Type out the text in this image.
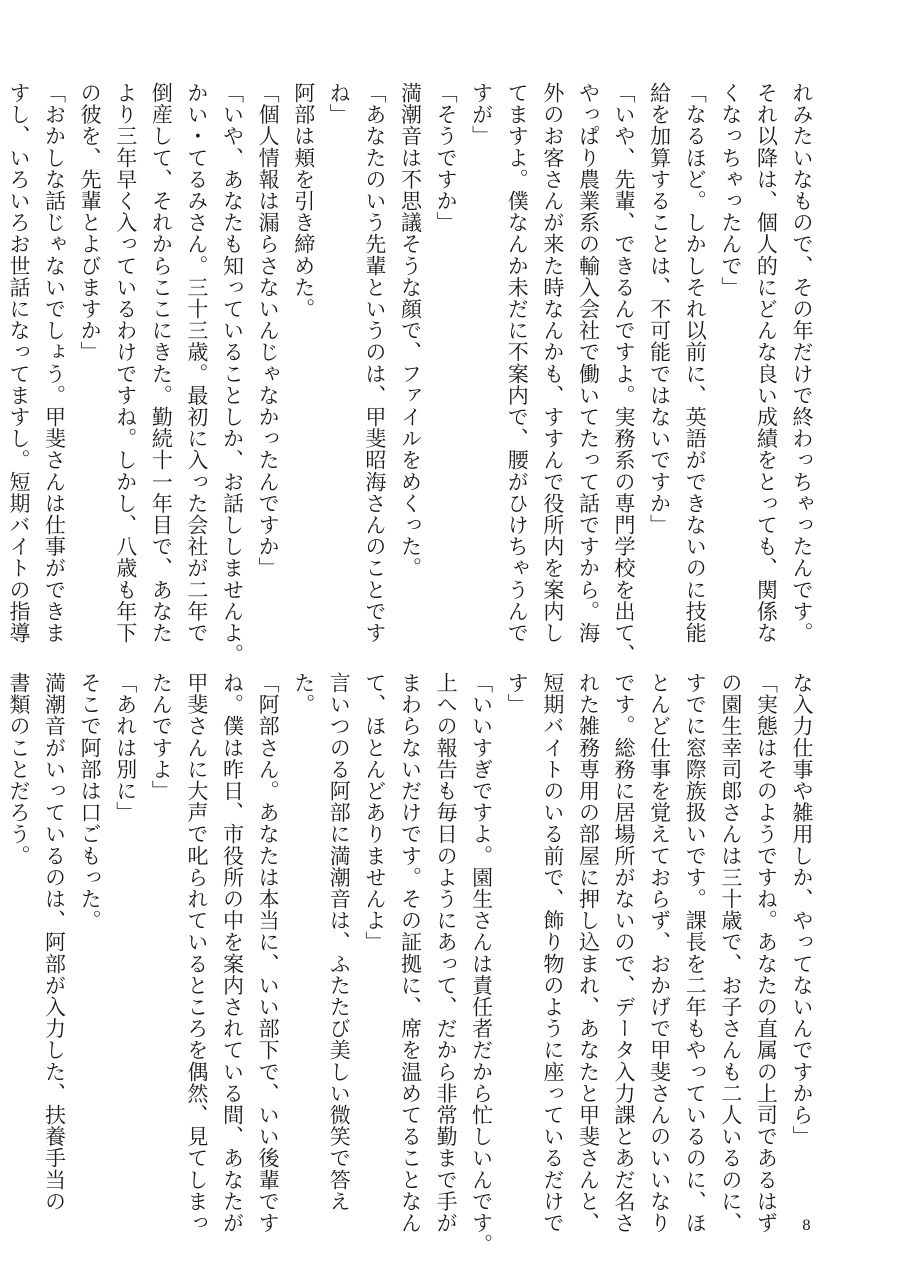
れみたいなもので、その年だけで終わっちゃったんです。
それ以降は、個人的にどんな良い成績をとっても、関係な
くなっちゃったんで」
「なるほど。しかしそれ以前に、英語ができないのに技能
給を加算することは、不可能ではないですか」
「いや、先輩、できるんですよ。実務系の専門学校を出て、
やっぱり農業系の輸入会社で働いてたって話ですから。海
外のお客さんが来た時なんかも、すすんで役所内を案内し
てますよ。僕なんか未だに不案内で、腰がひけちゃうんで
すが」
「そうですか」
満潮音は不思議そうな顔で、ファイルをめくった。
「あなたのいう先輩というのは、甲斐昭海さんのことです
ね」
阿部は頬を引き締めた。
「個人情報は漏らさないんじゃなかったんですか」
「いや、あなたも知っていることしか、お話ししませんよ。
かい・てるみさん。三十三歳。最初に入った会社が二年で
倒産して、それからここにきた。勤続十一年目で、あなた
より三年早く入っているわけですね。しかし、八歳も年下
の彼を、先輩とよびますか」
「おかしな話じゃないでしょう。甲斐さんは仕事ができま
すし、いろいろお世話になってますし。短期バイトの指導
な入力仕事や雑用しか、やってないんですから」
「実態はそのようですね。あなたの直属の上司であるはず
の園生幸司郎さんは三十歳で、お子さんも二人いるのに、
すでに窓際族扱いです。課長を二年もやっているのに、ほ
とんど仕事を覚えておらず、おかげで甲斐さんのいいなり
です。総務に居場所がないので、データ入力課とあだ名さ
れた雑務専用の部屋に押し込まれ、あなたと甲斐さんと、
短期バイトのいる前で、飾り物のように座っているだけで
す」
「いいすぎですよ。園生さんは責任者だから忙しいんです。
上への報告も毎日のようにあって、だから非常勤まで手が
まわらないだけです。その証拠に、席を温めてることなん
て、ほとんどありませんよ」
言いつのる阿部に満潮音は、ふたたび美しい微笑で答え
た。
「阿部さん。あなたは本当に、いい部下で、いい後輩です
ね。僕は昨日、市役所の中を案内されている間、あなたが
甲斐さんに大声で叱られているところを偶然、見てしまっ
たんですよ」
「あれは別に」
そこで阿部は口ごもった。
満潮音がいっているのは、阿部が入力した、扶養手当の
書類のことだろう。
8
